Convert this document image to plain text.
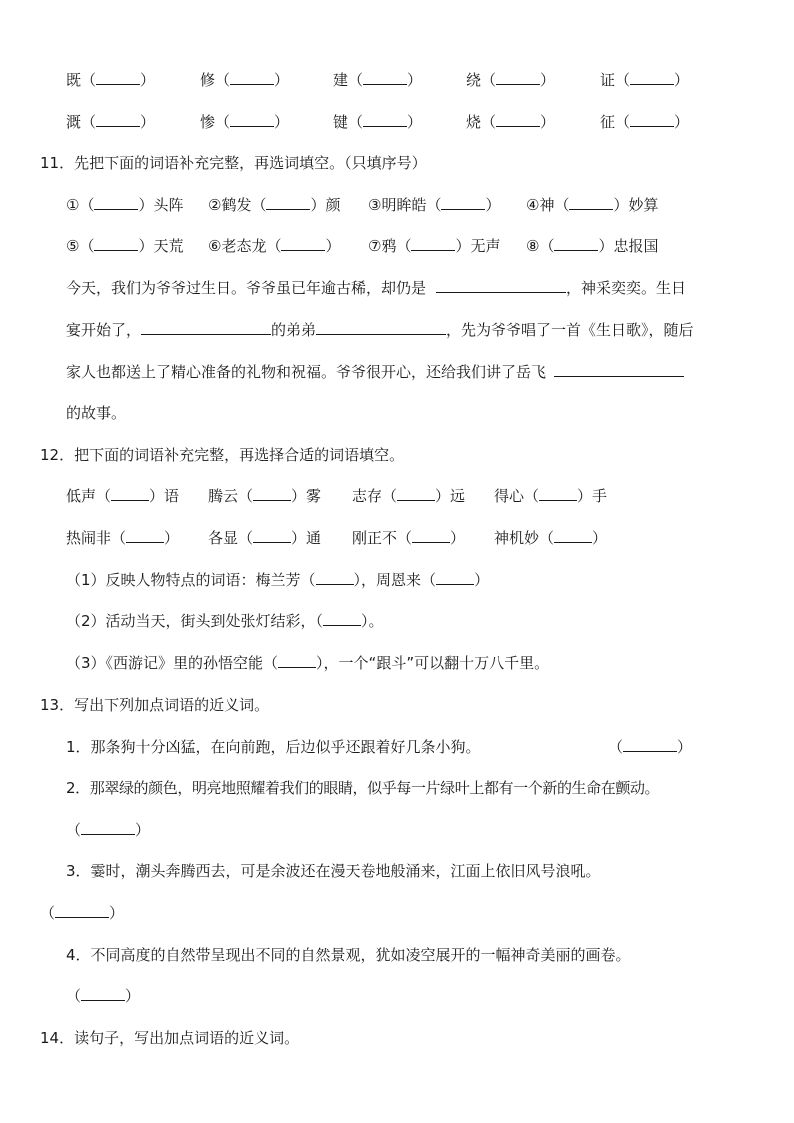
既（	）	修（	）	建（	）	绕（	）	证（	）
溉（	）	惨（	）	键（	）	烧（	）	征（	）
11．先把下面的词语补充完整，再选词填空。（只填序号）
①（	）头阵 ②鹤发（	）颜 ③明眸皓（	） ④神（	）妙算
⑤（	）天荒 ⑥老态龙（	） ⑦鸦（	）无声 ⑧（	）忠报国
今天，我们为爷爷过生日。爷爷虽已年逾古稀，却仍是	，神采奕奕。生日
宴开始了，	的弟弟	，先为爷爷唱了一首《生日歌》，随后
家人也都送上了精心准备的礼物和祝福。爷爷很开心，还给我们讲了岳飞
的故事。
12．把下面的词语补充完整，再选择合适的词语填空。
低声（	）语 腾云（	）雾 志存（	）远 得心（	）手
热闹非（	） 各显（	）通 刚正不（	） 神机妙（	）
（1）反映人物特点的词语：梅兰芳（	），周恩来（	）
（2）活动当天，街头到处张灯结彩，（	）。
（3）《西游记》里的孙悟空能（	），一个“跟斗”可以翻十万八千里。
13．写出下列加点词语的近义词。
1．那条狗十分凶猛，在向前跑，后边似乎还跟着好几条小狗。	（	）
2．那翠绿的颜色，明亮地照耀着我们的眼睛，似乎每一片绿叶上都有一个新的生命在颤动。
（	）
3．霎时，潮头奔腾西去，可是余波还在漫天卷地般涌来，江面上依旧风号浪吼。
（	）
4．不同高度的自然带呈现出不同的自然景观，犹如凌空展开的一幅神奇美丽的画卷。
（	）
14．读句子，写出加点词语的近义词。
